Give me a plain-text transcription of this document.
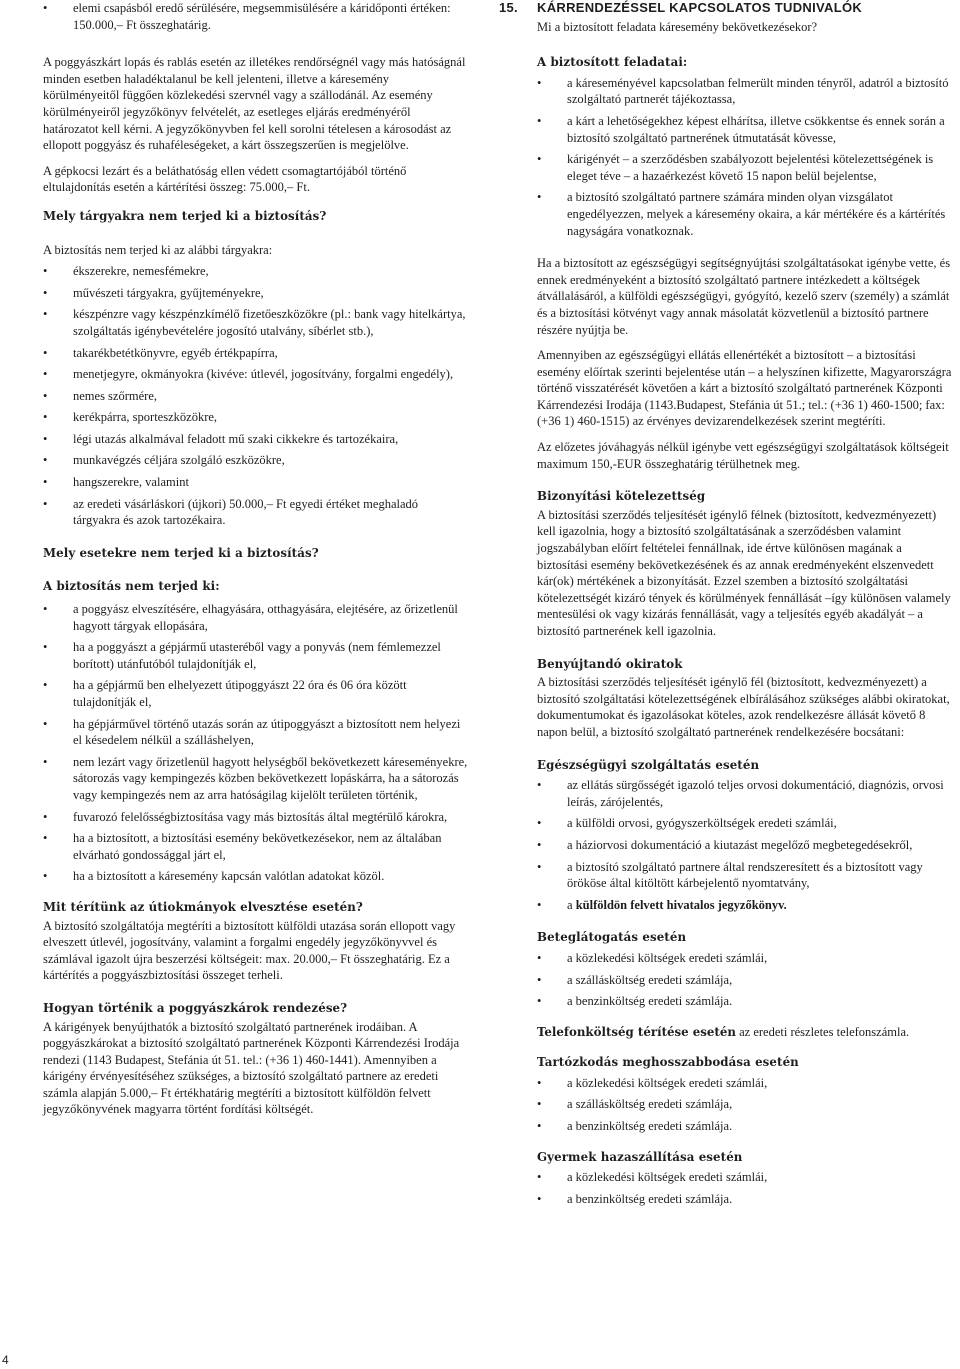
• elemi csapásból eredő sérülésére, megsemmisülésére a káridőponti értéken: 150.000,– Ft összeghatárig.

A poggyászkárt lopás és rablás esetén az illetékes rendőrségnél vagy más hatóságnál minden esetben haladéktalanul be kell jelenteni, illetve a káresemény körülményeitől függően közlekedési szervnél vagy a szállodánál. Az esemény körülményeiről jegyzőkönyv felvételét, az esetleges eljárás eredményéről határozatot kell kérni. A jegyzőkönyvben fel kell sorolni tételesen a károsodást az ellopott poggyász és ruhaféleségeket, a kárt összegszerűen is megjelölve.

A gépkocsi lezárt és a beláthatóság ellen védett csomagtartójából történő eltulajdonítás esetén a kártérítési összeg: 75.000,– Ft.

Mely tárgyakra nem terjed ki a biztosítás?

A biztosítás nem terjed ki az alábbi tárgyakra:

• ékszerekre, nemesfémekre,
• művészeti tárgyakra, gyűjteményekre,
• készpénzre vagy készpénzkímélő fizetőeszközökre (pl.: bank vagy hitelkártya, szolgáltatás igénybevételére jogosító utalvány, síbérlet stb.),
• takarékbetétkönyvre, egyéb értékpapírra,
• menetjegyre, okmányokra (kivéve: útlevél, jogosítvány, forgalmi engedély),
• nemes szőrmére,
• kerékpárra, sporteszközökre,
• légi utazás alkalmával feladott mű szaki cikkekre és tartozékaira,
• munkavégzés céljára szolgáló eszközökre,
• hangszerekre, valamint
• az eredeti vásárláskori (újkori) 50.000,– Ft egyedi értéket meghaladó tárgyakra és azok tartozékaira.
Mely esetekre nem terjed ki a biztosítás?
A biztosítás nem terjed ki:
• a poggyász elveszítésére, elhagyására, otthagyására, elejtésére, az őrizetlenül hagyott tárgyak ellopására,
• ha a poggyászt a gépjármű utasteréből vagy a ponyvás (nem fémlemezzel borított) utánfutóból tulajdonítják el,
• ha a gépjármű ben elhelyezett útipoggyászt 22 óra és 06 óra között tulajdonítják el,
• ha gépjárművel történő utazás során az útipoggyászt a biztosított nem helyezi el késedelem nélkül a szálláshelyen,
• nem lezárt vagy őrizetlenül hagyott helységből bekövetkezett káreseményekre, sátorozás vagy kempingezés közben bekövetkezett lopáskárra, ha a sátorozás vagy kempingezés nem az arra hatóságilag kijelölt területen történik,
• fuvarozó felelősségbiztosítása vagy más biztosítás által megtérülő károkra,
• ha a biztosított, a biztosítási esemény bekövetkezésekor, nem az általában elvárható gondossággal járt el,
• ha a biztosított a káresemény kapcsán valótlan adatokat közöl.
Mit térítünk az útiokmányok elvesztése esetén?

A biztosító szolgáltatója megtéríti a biztosított külföldi utazása során ellopott vagy elveszett útlevél, jogosítvány, valamint a forgalmi engedély jegyzőkönyvvel és számlával igazolt újra beszerzési költségeit: max. 20.000,– Ft összeghatárig. Ez a kártérítés a poggyászbiztosítási összeget terheli.

Hogyan történik a poggyászkárok rendezése?

A kárigények benyújthatók a biztosító szolgáltató partnerének irodáiban. A poggyászkárokat a biztosító szolgáltató partnerének Központi Kárrendezési Irodája rendezi (1143 Budapest, Stefánia út 51. tel.: (+36 1) 460-1441). Amennyiben a kárigény érvényesítéséhez szükséges, a biztosító szolgáltató partnere az eredeti számla alapján 5.000,– Ft értékhatárig megtéríti a biztosított külföldön felvett jegyzőkönyvének magyarra történt fordítási költségét.

15. KÁRRENDEZÉSSEL KAPCSOLATOS TUDNIVALÓK

Mi a biztosított feladata káresemény bekövetkezésekor?

A biztosított feladatai:
• a káreseményével kapcsolatban felmerült minden tényről, adatról a biztosító szolgáltató partnerét tájékoztassa,
• a kárt a lehetőségekhez képest elhárítsa, illetve csökkentse és ennek során a biztosító szolgáltató partnerének útmutatását kövesse,
• kárigényét – a szerződésben szabályozott bejelentési kötelezettségének is eleget téve – a hazaérkezést követő 15 napon belül bejelentse,
• a biztosító szolgáltató partnere számára minden olyan vizsgálatot engedélyezzen, melyek a káresemény okaira, a kár mértékére és a kártérítés nagyságára vonatkoznak.

Ha a biztosított az egészségügyi segítségnyújtási szolgáltatásokat igénybe vette, és ennek eredményeként a biztosító szolgáltató partnere intézkedett a költségek átvállalásáról, a külföldi egészségügyi, gyógyító, kezelő szerv (személy) a számlát és a biztosítási kötvényt vagy annak másolatát közvetlenül a biztosító partnere részére nyújtja be.

Amennyiben az egészségügyi ellátás ellenértékét a biztosított – a biztosítási esemény előírtak szerinti bejelentése után – a helyszínen kifizette, Magyarországra történő visszatérését követően a kárt a biztosító szolgáltató partnerének Központi Kárrendezési Irodája (1143.Budapest, Stefánia út 51.; tel.: (+36 1) 460-1500; fax: (+36 1) 460-1515) az érvényes devizarendelkezések szerint megtéríti.

Az előzetes jóváhagyás nélkül igénybe vett egészségügyi szolgáltatások költségeit maximum 150,-EUR összeghatárig térülhetnek meg.

Bizonyítási kötelezettség

A biztosítási szerződés teljesítését igénylő félnek (biztosított, kedvezményezett) kell igazolnia, hogy a biztosító szolgáltatásának a szerződésben valamint jogszabályban előírt feltételei fennállnak, ide értve különösen magának a biztosítási esemény bekövetkezésének és az annak eredményeként elszenvedett kár(ok) mértékének a bizonyítását. Ezzel szemben a biztosító szolgáltatási kötelezettségét kizáró tények és körülmények fennállását –így különösen valamely mentesülési ok vagy kizárás fennállását, vagy a teljesítés egyéb akadályát – a biztosító partnerének kell igazolnia.

Benyújtandó okiratok

A biztosítási szerződés teljesítését igénylő fél (biztosított, kedvezményezett) a biztosító szolgáltatási kötelezettségének elbírálásához szükséges alábbi okiratokat, dokumentumokat és igazolásokat köteles, azok rendelkezésre állását követő 8 napon belül, a biztosító szolgáltató partnerének rendelkezésére bocsátani:

Egészségügyi szolgáltatás esetén
• az ellátás sürgősségét igazoló teljes orvosi dokumentáció, diagnózis, orvosi leírás, zárójelentés,
• a külföldi orvosi, gyógyszerköltségek eredeti számlái,
• a háziorvosi dokumentáció a kiutazást megelőző megbetegedésekről,
• a biztosító szolgáltató partnere által rendszeresített és a biztosított vagy örököse által kitöltött kárbejelentő nyomtatvány,
• a külföldön felvett hivatalos jegyzőkönyv.
Beteglátogatás esetén
• a közlekedési költségek eredeti számlái,
• a szállásköltség eredeti számlája,
• a benzinköltség eredeti számlája.

Telefonköltség térítése esetén az eredeti részletes telefonszámla.

Tartózkodás meghosszabbodása esetén
• a közlekedési költségek eredeti számlái,
• a szállásköltség eredeti számlája,
• a benzinköltség eredeti számlája.
Gyermek hazaszállítása esetén
• a közlekedési költségek eredeti számlái,
• a benzinköltség eredeti számlája.
4
